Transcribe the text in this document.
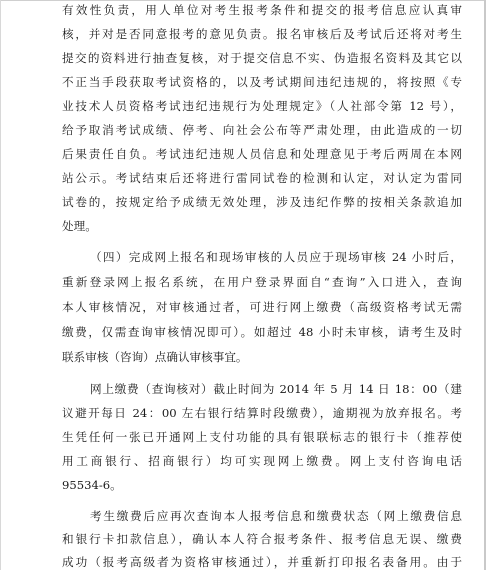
有效性负责，用人单位对考生报考条件和提交的报考信息应认真审
核，并对是否同意报考的意见负责。报名审核后及考试后还将对考生
提交的资料进行抽查复核，对于提交信息不实、伪造报名资料及其它以
不正当手段获取考试资格的，以及考试期间违纪违规的，将按照《专
业技术人员资格考试违纪违规行为处理规定》（人社部令第 12 号），
给予取消考试成绩、停考、向社会公布等严肃处理，由此造成的一切
后果责任自负。考试违纪违规人员信息和处理意见于考后两周在本网
站公示。考试结束后还将进行雷同试卷的检测和认定，对认定为雷同
试卷的，按规定给予成绩无效处理，涉及违纪作弊的按相关条款追加
处理。
（四）完成网上报名和现场审核的人员应于现场审核 24 小时后，
重新登录网上报名系统，在用户登录界面自“查询”入口进入，查询
本人审核情况，对审核通过者，可进行网上缴费（高级资格考试无需
缴费，仅需查询审核情况即可）。如超过 48 小时未审核，请考生及时
联系审核（咨询）点确认审核事宜。
网上缴费（查询核对）截止时间为 2014 年 5 月 14 日 18：00（建
议避开每日 24：00 左右银行结算时段缴费），逾期视为放弃报名。考
生凭任何一张已开通网上支付功能的具有银联标志的银行卡（推荐使
用工商银行、招商银行）均可实现网上缴费。网上支付咨询电话
95534-6。
考生缴费后应再次查询本人报考信息和缴费状态（网上缴费信息
和银行卡扣款信息），确认本人符合报考条件、报考信息无误、缴费
成功（报考高级者为资格审核通过），并重新打印报名表备用。由于
